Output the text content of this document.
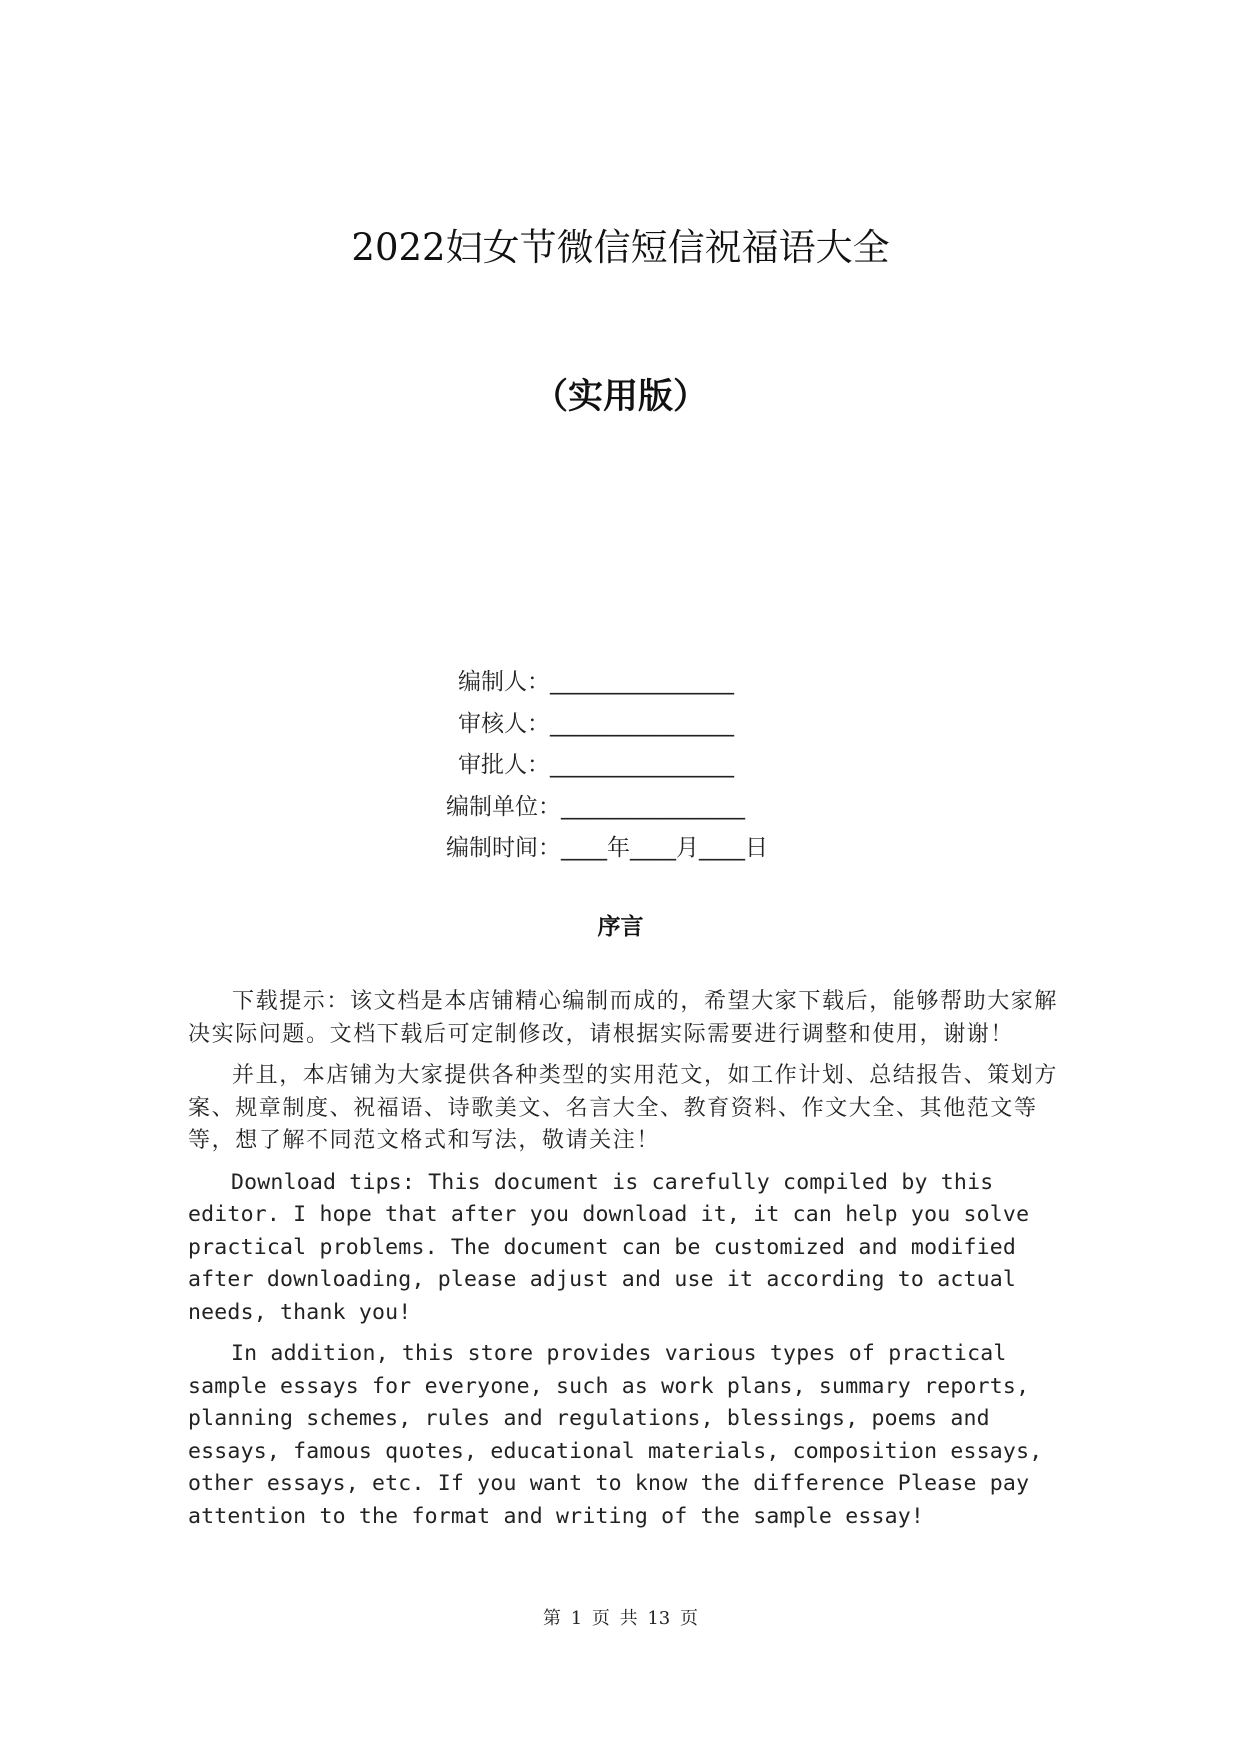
2022妇女节微信短信祝福语大全
（实用版）
编制人：________________
审核人：________________
审批人：________________
编制单位：________________
编制时间：____年____月____日
序言

下载提示：该文档是本店铺精心编制而成的，希望大家下载后，能够帮助大家解决实际问题。文档下载后可定制修改，请根据实际需要进行调整和使用，谢谢！

并且，本店铺为大家提供各种类型的实用范文，如工作计划、总结报告、策划方案、规章制度、祝福语、诗歌美文、名言大全、教育资料、作文大全、其他范文等等，想了解不同范文格式和写法，敬请关注！

Download tips: This document is carefully compiled by this editor. I hope that after you download it, it can help you solve practical problems. The document can be customized and modified after downloading, please adjust and use it according to actual needs, thank you!

In addition, this store provides various types of practical sample essays for everyone, such as work plans, summary reports, planning schemes, rules and regulations, blessings, poems and essays, famous quotes, educational materials, composition essays, other essays, etc. If you want to know the difference Please pay attention to the format and writing of the sample essay!

第 1 页 共 13 页
